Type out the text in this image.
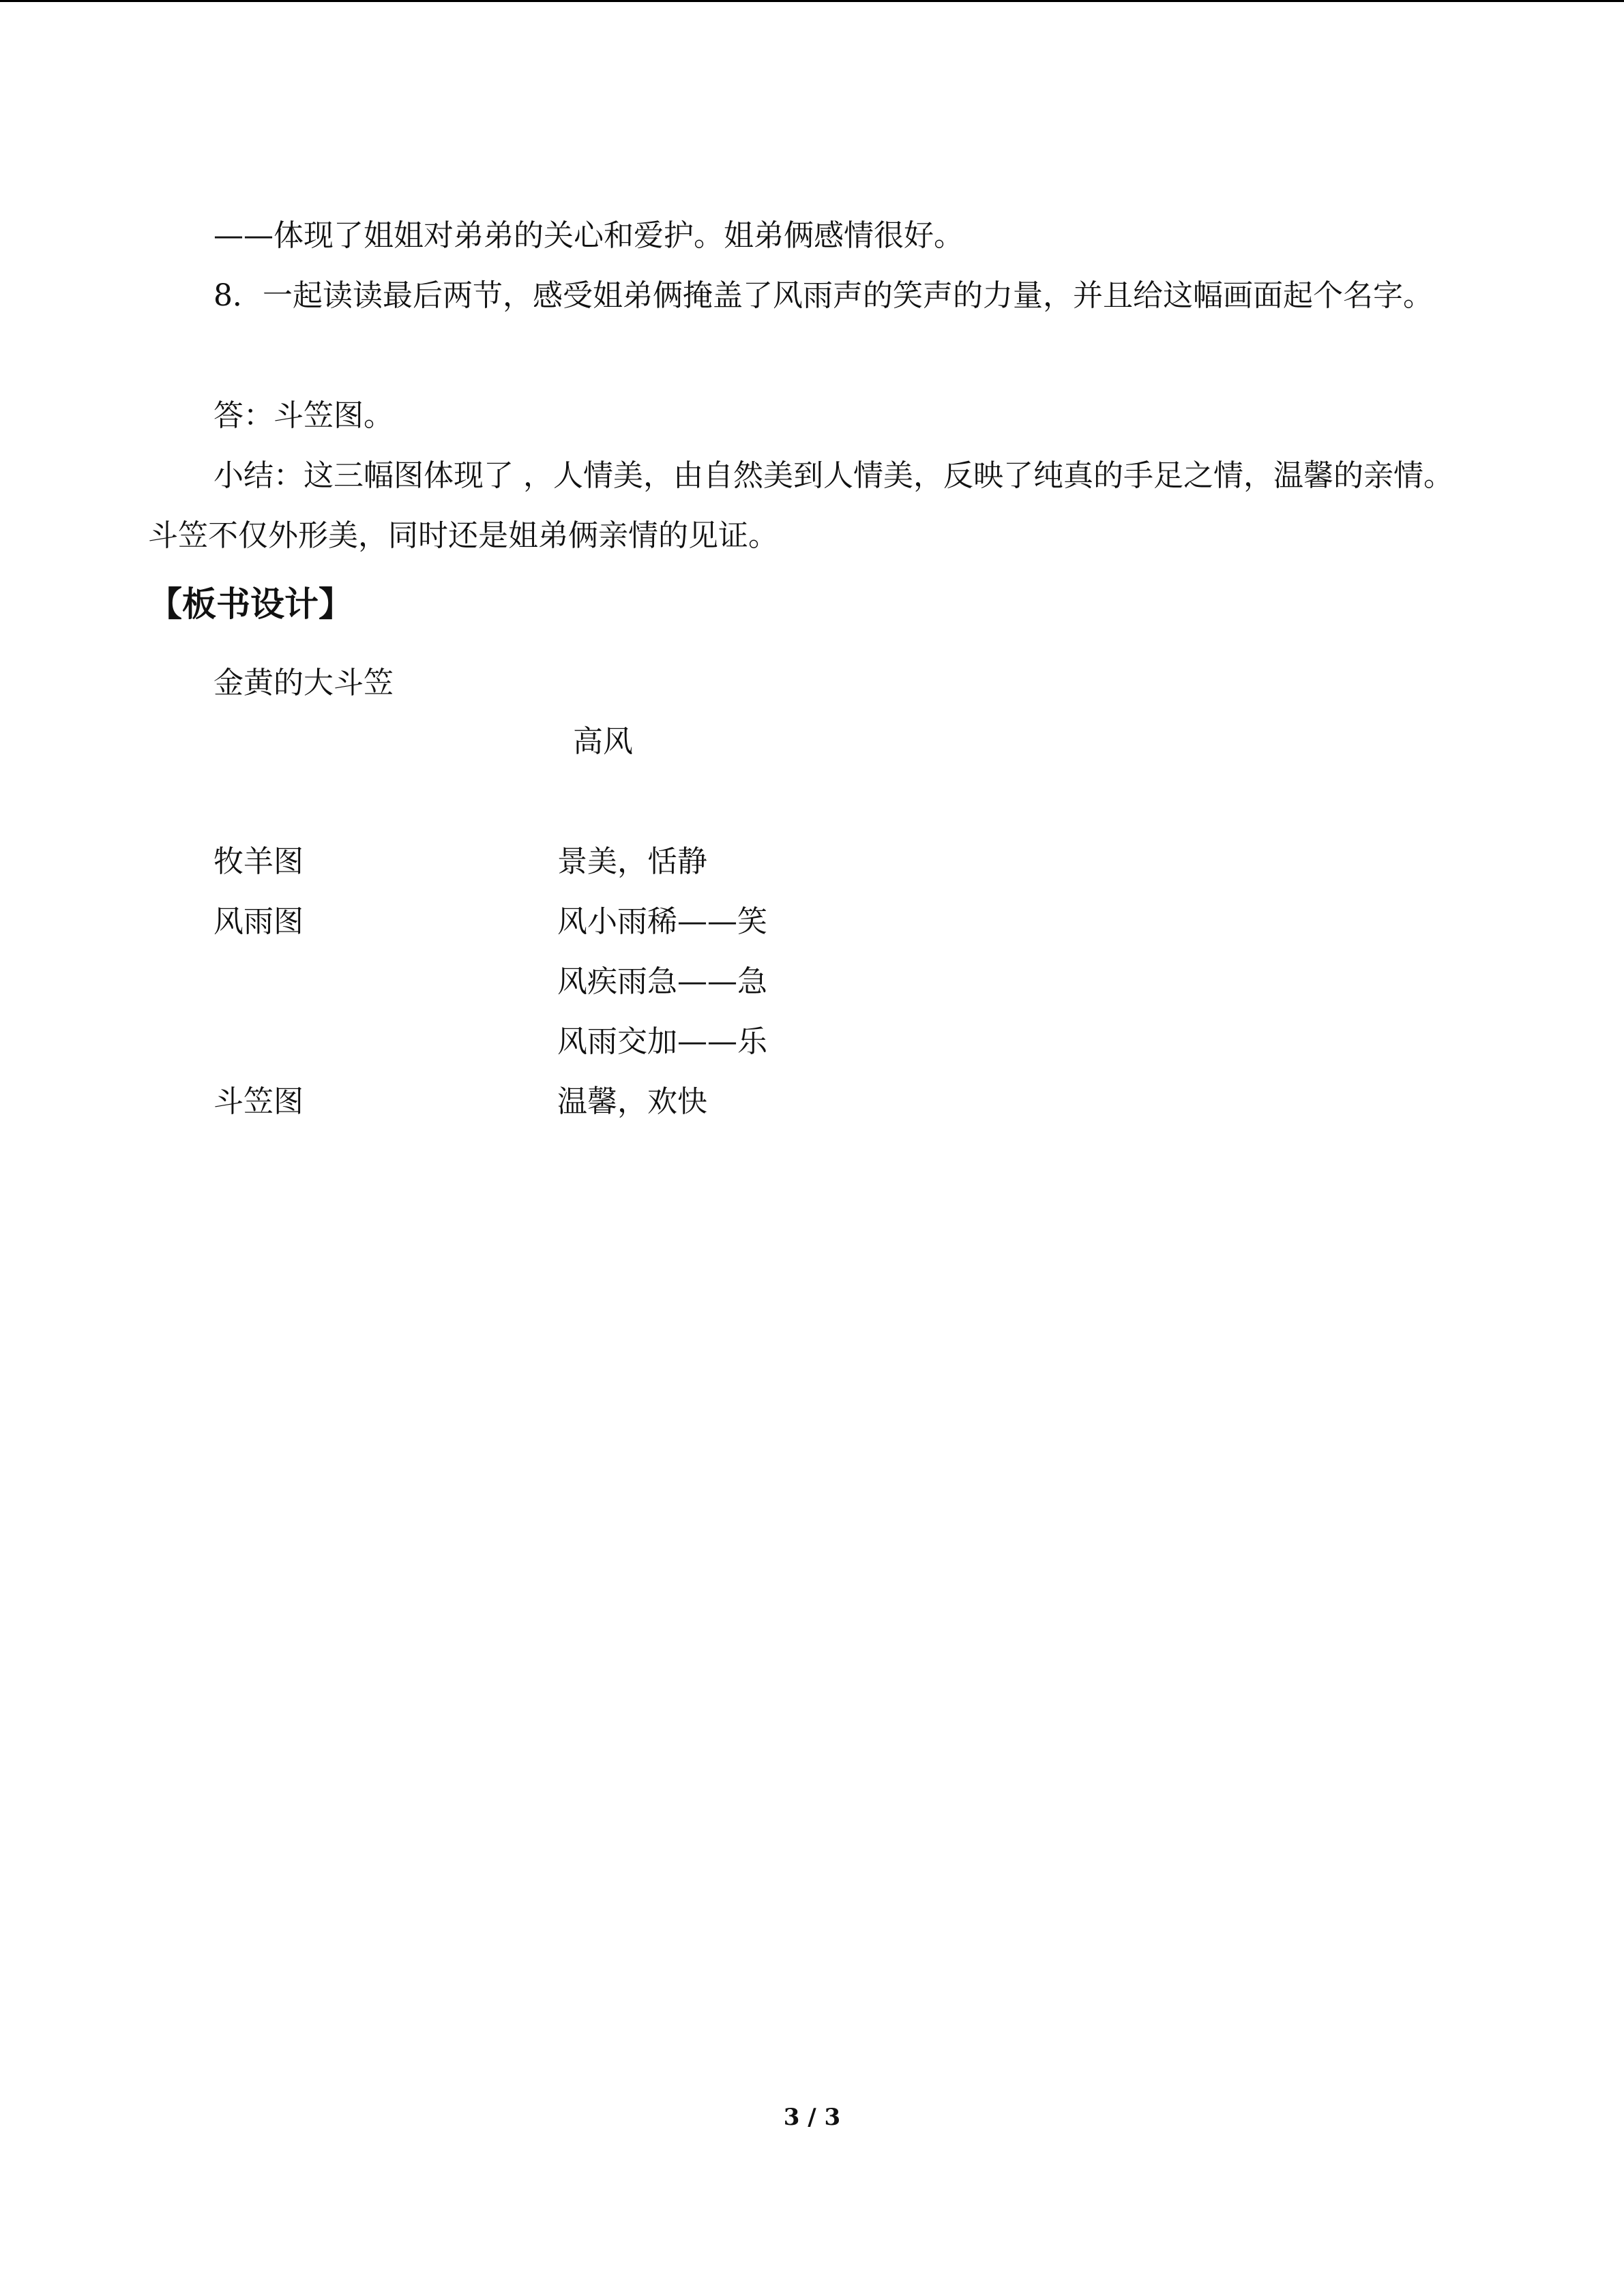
——体现了姐姐对弟弟的关心和爱护。姐弟俩感情很好。

8．一起读读最后两节，感受姐弟俩掩盖了风雨声的笑声的力量，并且给这幅画面起个名字。

答：斗笠图。

小结：这三幅图体现了 ，人情美，由自然美到人情美，反映了纯真的手足之情，温馨的亲情。斗笠不仅外形美，同时还是姐弟俩亲情的见证。

【板书设计】
金黄的大斗笠
高风
牧羊图	景美，恬静
风雨图	风小雨稀——笑
风疾雨急——急
风雨交加——乐
斗笠图	温馨，欢快
3 / 3
